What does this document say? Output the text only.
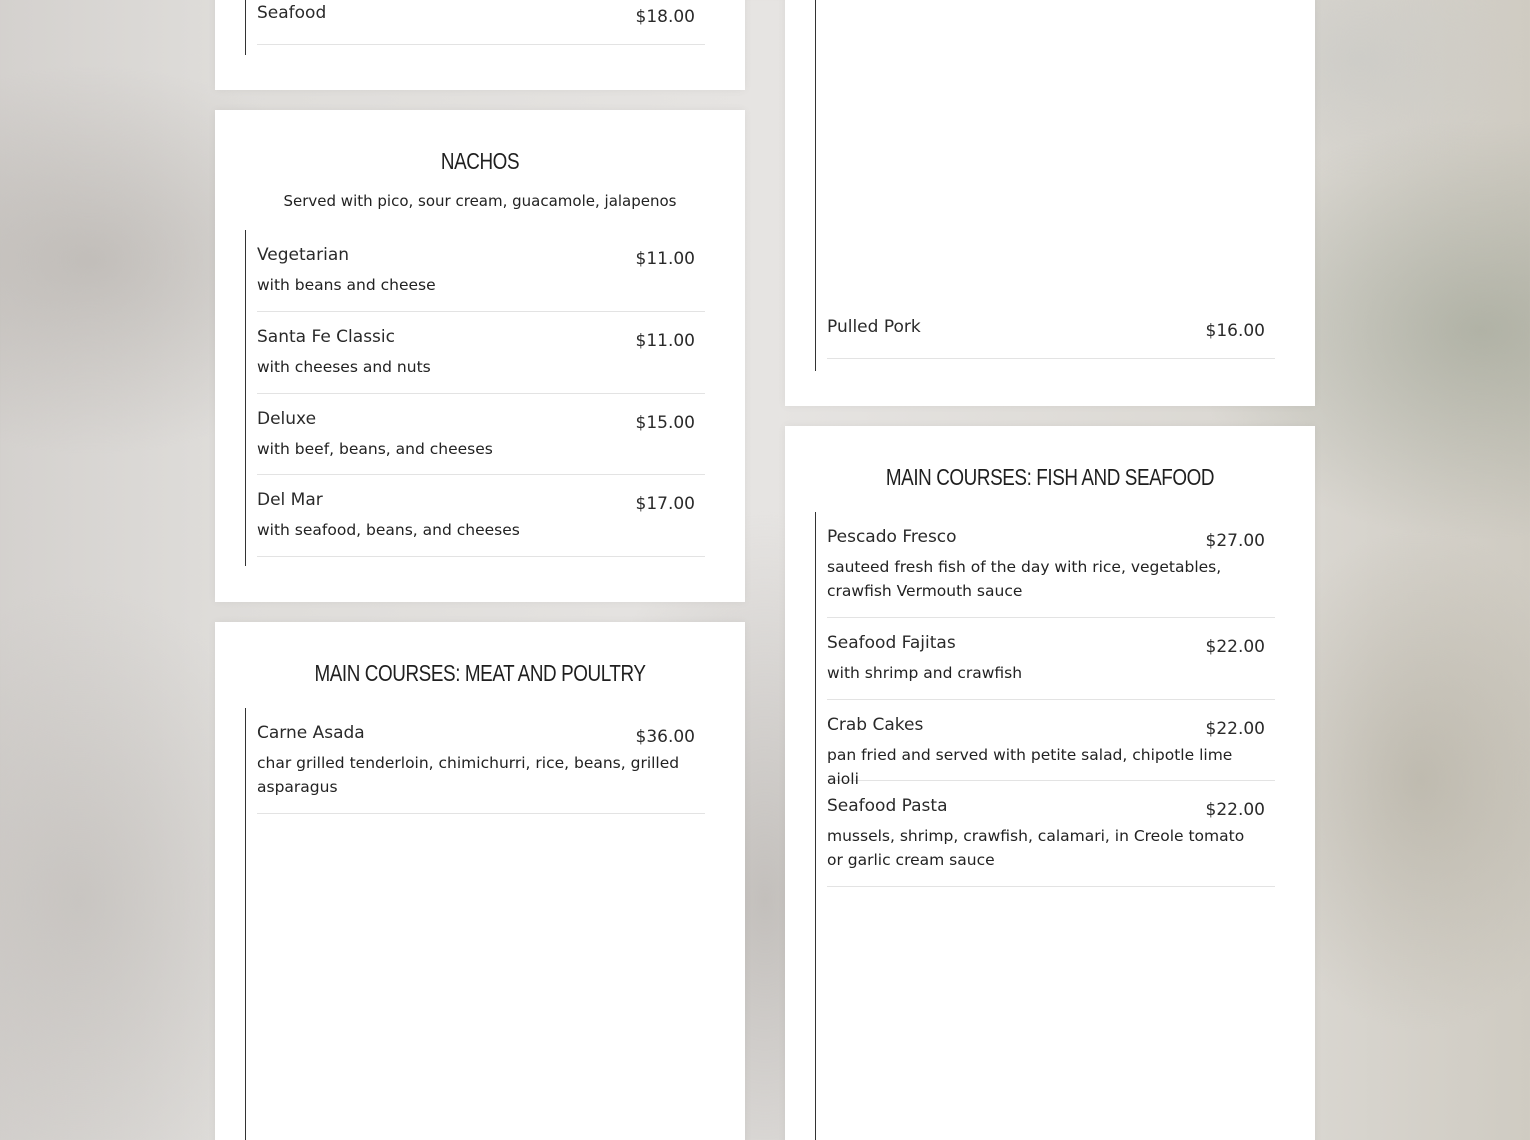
Seafood	$18.00
NACHOS
Served with pico, sour cream, guacamole, jalapenos
Vegetarian	$11.00
with beans and cheese
Santa Fe Classic	$11.00
with cheeses and nuts
Deluxe	$15.00
with beef, beans, and cheeses
Del Mar	$17.00
with seafood, beans, and cheeses
MAIN COURSES: MEAT AND POULTRY
Carne Asada	$36.00
char grilled tenderloin, chimichurri, rice, beans, grilled asparagus
Pulled Pork	$16.00
MAIN COURSES: FISH AND SEAFOOD
Pescado Fresco	$27.00
sauteed fresh fish of the day with rice, vegetables, crawfish Vermouth sauce
Seafood Fajitas	$22.00
with shrimp and crawfish
Crab Cakes	$22.00
pan fried and served with petite salad, chipotle lime aioli
Seafood Pasta	$22.00
mussels, shrimp, crawfish, calamari, in Creole tomato or garlic cream sauce
